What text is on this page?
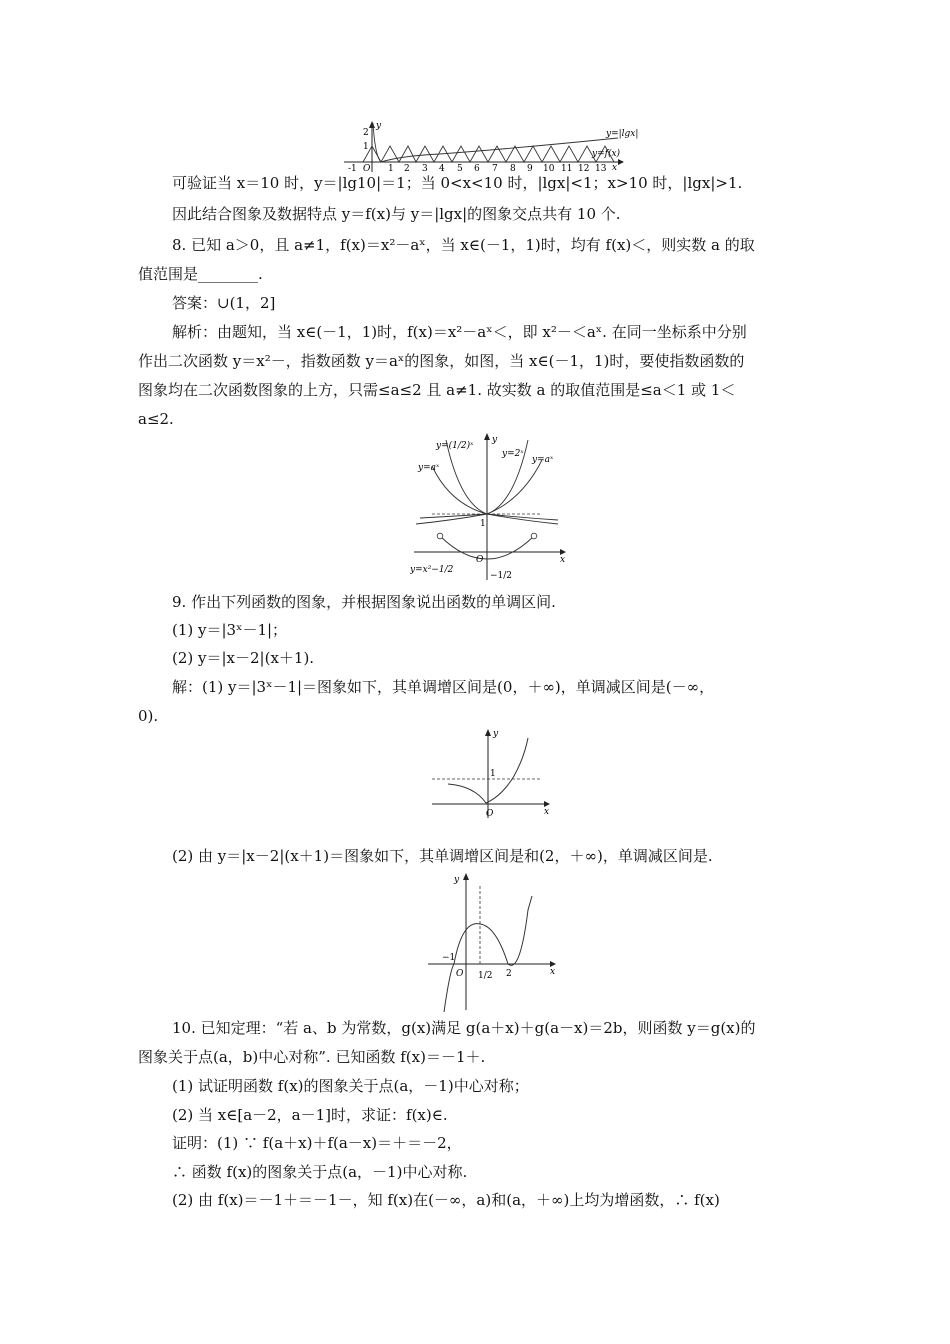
-1 O 1 2 3 4 5 6 7 8 9 10 11 12 13 x
y
2
1
y=|lgx|
y=f(x)
可验证当 x＝10 时，y＝|lg10|＝1；当 0<x<10 时，|lgx|<1；x>10 时，|lgx|>1.
因此结合图象及数据特点 y＝f(x)与 y＝|lgx|的图象交点共有 10 个.
8. 已知 a＞0，且 a≠1，f(x)＝x²－aˣ，当 x∈(－1，1)时，均有 f(x)＜，则实数 a 的取
值范围是________.
答案：∪(1，2]
解析：由题知，当 x∈(－1，1)时，f(x)＝x²－aˣ＜，即 x²－＜aˣ. 在同一坐标系中分别
作出二次函数 y＝x²－，指数函数 y＝aˣ的图象，如图，当 x∈(－1，1)时，要使指数函数的
图象均在二次函数图象的上方，只需≤a≤2 且 a≠1. 故实数 a 的取值范围是≤a＜1 或 1＜
a≤2.
y=(1/2)ˣ
y=2ˣ
y=aˣ
y=aˣ
1
O	x
y
y=x²−1/2
−1/2
9. 作出下列函数的图象，并根据图象说出函数的单调区间.
(1) y＝|3ˣ－1|；
(2) y＝|x－2|(x＋1).
解：(1) y＝|3ˣ－1|＝图象如下，其单调增区间是(0，＋∞)，单调减区间是(－∞，
0).
1
O	x
y
(2) 由 y＝|x－2|(x＋1)＝图象如下，其单调增区间是和(2，＋∞)，单调减区间是.
−1
O 1/2 2	x
y
10. 已知定理：“若 a、b 为常数，g(x)满足 g(a＋x)＋g(a－x)＝2b，则函数 y＝g(x)的
图象关于点(a，b)中心对称”. 已知函数 f(x)＝－1＋.
(1) 试证明函数 f(x)的图象关于点(a，－1)中心对称；
(2) 当 x∈[a－2，a－1]时，求证：f(x)∈.
证明：(1) ∵ f(a＋x)＋f(a－x)＝＋＝－2，
∴ 函数 f(x)的图象关于点(a，－1)中心对称.
(2) 由 f(x)＝－1＋＝－1－，知 f(x)在(－∞，a)和(a，＋∞)上均为增函数，∴ f(x)
